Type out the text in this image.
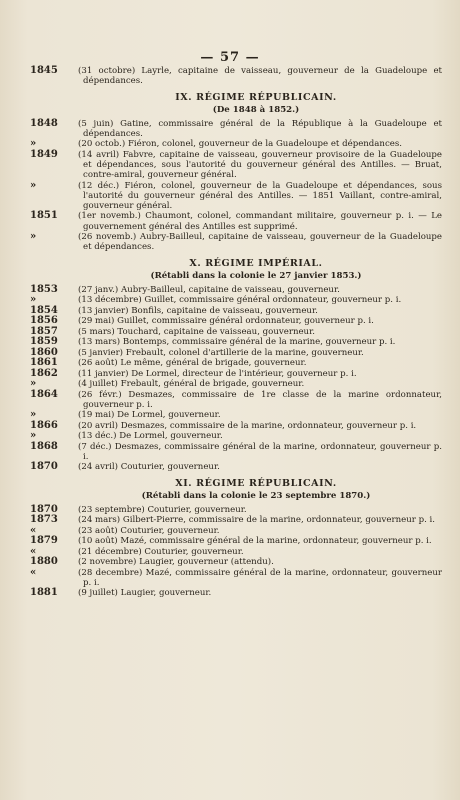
— 57 —
1845	(31 octobre) Layrle, capitaine de vaisseau, gouverneur de la Guadeloupe et dépendances.
IX. RÉGIME RÉPUBLICAIN.
(De 1848 à 1852.)
1848	(5 juin) Gatine, commissaire général de la République à la Guadeloupe et dépendances.
»	(20 octob.) Fiéron, colonel, gouverneur de la Guadeloupe et dépendances.
1849	(14 avril) Fabvre, capitaine de vaisseau, gouverneur provisoire de la Guadeloupe et dépendances, sous l'autorité du gouverneur général des Antilles. — Bruat, contre-amiral, gouverneur général.
»	(12 déc.) Fiéron, colonel, gouverneur de la Guadeloupe et dépendances, sous l'autorité du gouverneur général des Antilles. — 1851 Vaillant, contre-amiral, gouverneur général.
1851	(1er novemb.) Chaumont, colonel, commandant militaire, gouverneur p. i. — Le gouvernement général des Antilles est supprimé.
»	(26 novemb.) Aubry-Bailleul, capitaine de vaisseau, gouverneur de la Guadeloupe et dépendances.
X. RÉGIME IMPÉRIAL.
(Rétabli dans la colonie le 27 janvier 1853.)
1853	(27 janv.) Aubry-Bailleul, capitaine de vaisseau, gouverneur.
»	(13 décembre) Guillet, commissaire général ordonnateur, gouverneur p. i.
1854	(13 janvier) Bonfils, capitaine de vaisseau, gouverneur.
1856	(29 mai) Guillet, commissaire général ordonnateur, gouverneur p. i.
1857	(5 mars) Touchard, capitaine de vaisseau, gouverneur.
1859	(13 mars) Bontemps, commissaire général de la marine, gouverneur p. i.
1860	(5 janvier) Frebault, colonel d'artillerie de la marine, gouverneur.
1861	(26 août) Le même, général de brigade, gouverneur.
1862	(11 janvier) De Lormel, directeur de l'intérieur, gouverneur p. i.
»	(4 juillet) Frebault, général de brigade, gouverneur.
1864	(26 févr.) Desmazes, commissaire de 1re classe de la marine ordonnateur, gouverneur p. i.
»	(19 mai) De Lormel, gouverneur.
1866	(20 avril) Desmazes, commissaire de la marine, ordonnateur, gouverneur p. i.
»	(13 déc.) De Lormel, gouverneur.
1868	(7 déc.) Desmazes, commissaire général de la marine, ordonnateur, gouverneur p. i.
1870	(24 avril) Couturier, gouverneur.
XI. RÉGIME RÉPUBLICAIN.
(Rétabli dans la colonie le 23 septembre 1870.)
1870	(23 septembre) Couturier, gouverneur.
1873	(24 mars) Gilbert-Pierre, commissaire de la marine, ordonnateur, gouverneur p. i.
«	(23 août) Couturier, gouverneur.
1879	(10 août) Mazé, commissaire général de la marine, ordonnateur, gouverneur p. i.
«	(21 décembre) Couturier, gouverneur.
1880	(2 novembre) Laugier, gouverneur (attendu).
«	(28 decembre) Mazé, commissaire général de la marine, ordonnateur, gouverneur p. i.
1881	(9 juillet) Laugier, gouverneur.
